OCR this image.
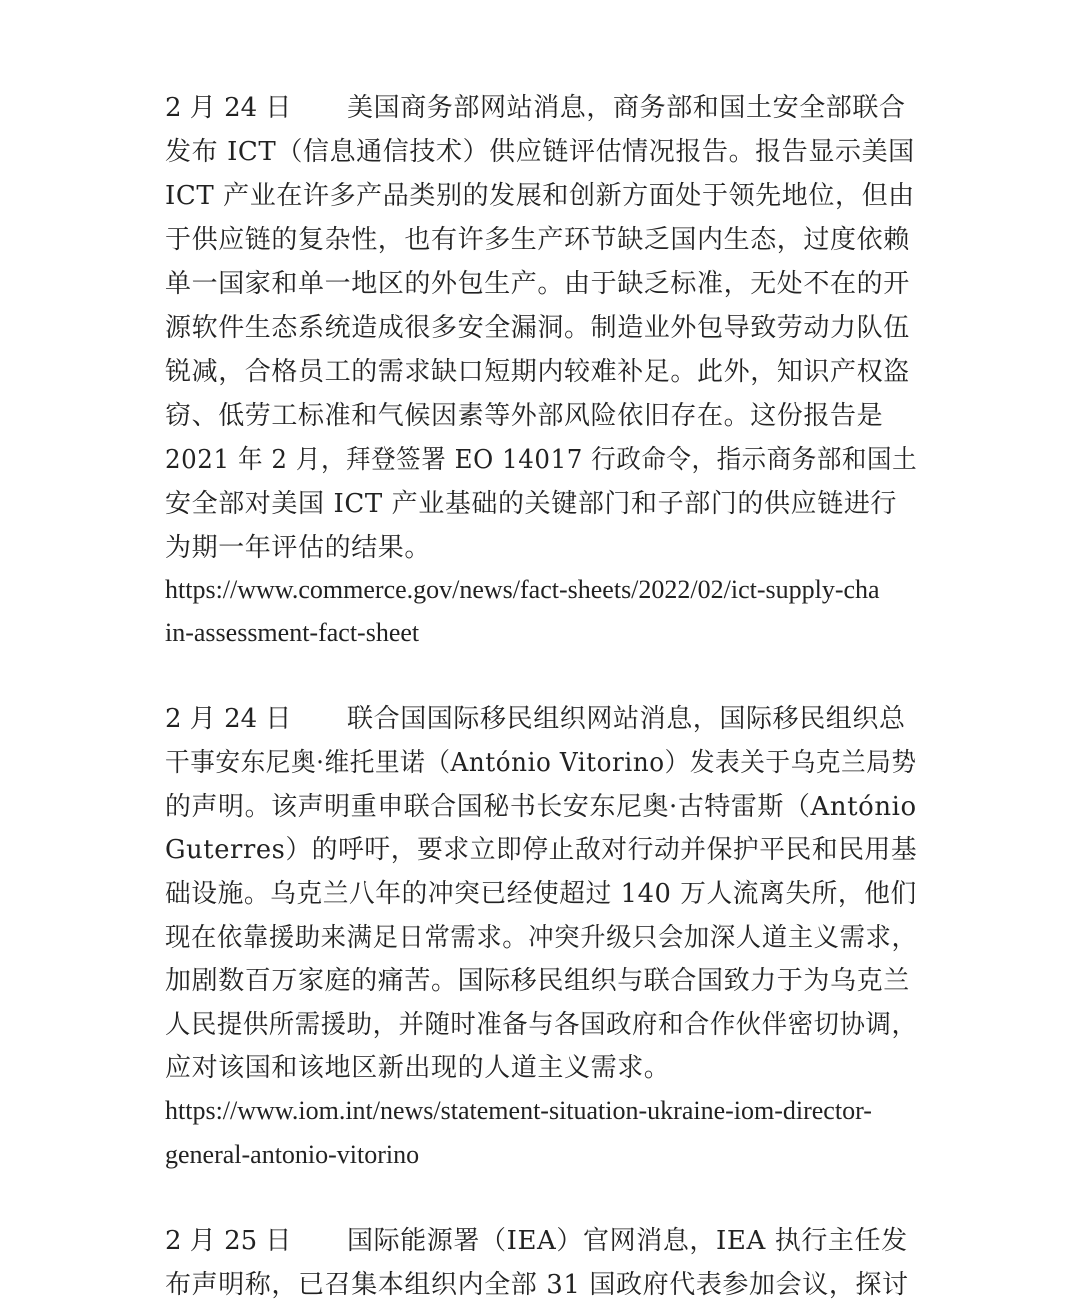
2 月 24 日 美国商务部网站消息，商务部和国土安全部联合
发布 ICT（信息通信技术）供应链评估情况报告。报告显示美国
ICT 产业在许多产品类别的发展和创新方面处于领先地位，但由
于供应链的复杂性，也有许多生产环节缺乏国内生态，过度依赖
单一国家和单一地区的外包生产。由于缺乏标准，无处不在的开
源软件生态系统造成很多安全漏洞。制造业外包导致劳动力队伍
锐减，合格员工的需求缺口短期内较难补足。此外，知识产权盗
窃、低劳工标准和气候因素等外部风险依旧存在。这份报告是
2021 年 2 月，拜登签署 EO 14017 行政命令，指示商务部和国土
安全部对美国 ICT 产业基础的关键部门和子部门的供应链进行
为期一年评估的结果。
https://www.commerce.gov/news/fact-sheets/2022/02/ict-supply-cha
in-assessment-fact-sheet
2 月 24 日 联合国国际移民组织网站消息，国际移民组织总
干事安东尼奥·维托里诺（António Vitorino）发表关于乌克兰局势
的声明。该声明重申联合国秘书长安东尼奥·古特雷斯（António
Guterres）的呼吁，要求立即停止敌对行动并保护平民和民用基
础设施。乌克兰八年的冲突已经使超过 140 万人流离失所，他们
现在依靠援助来满足日常需求。冲突升级只会加深人道主义需求，
加剧数百万家庭的痛苦。国际移民组织与联合国致力于为乌克兰
人民提供所需援助，并随时准备与各国政府和合作伙伴密切协调，
应对该国和该地区新出现的人道主义需求。
https://www.iom.int/news/statement-situation-ukraine-iom-director-
general-antonio-vitorino
2 月 25 日 国际能源署（IEA）官网消息，IEA 执行主任发
布声明称，已召集本组织内全部 31 国政府代表参加会议，探讨
